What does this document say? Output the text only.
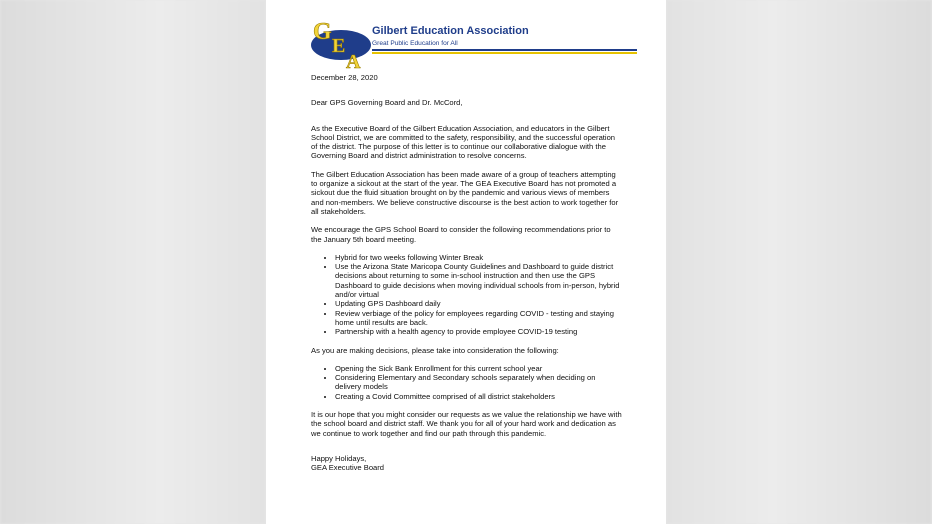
G
E
A
Gilbert Education Association
Great Public Education for All

December 28, 2020

Dear GPS Governing Board and Dr. McCord,

As the Executive Board of the Gilbert Education Association, and educators in the Gilbert School District, we are committed to the safety, responsibility, and the successful operation of the district. The purpose of this letter is to continue our collaborative dialogue with the Governing Board and district administration to resolve concerns.

The Gilbert Education Association has been made aware of a group of teachers attempting to organize a sickout at the start of the year. The GEA Executive Board has not promoted a sickout due the fluid situation brought on by the pandemic and various views of members and non-members. We believe constructive discourse is the best action to work together for all stakeholders.

We encourage the GPS School Board to consider the following recommendations prior to the January 5th board meeting.

• Hybrid for two weeks following Winter Break
• Use the Arizona State Maricopa County Guidelines and Dashboard to guide district decisions about returning to some in-school instruction and then use the GPS Dashboard to guide decisions when moving individual schools from in-person, hybrid and/or virtual
• Updating GPS Dashboard daily
• Review verbiage of the policy for employees regarding COVID - testing and staying home until results are back.
• Partnership with a health agency to provide employee COVID-19 testing

As you are making decisions, please take into consideration the following:

• Opening the Sick Bank Enrollment for this current school year
• Considering Elementary and Secondary schools separately when deciding on delivery models
• Creating a Covid Committee comprised of all district stakeholders

It is our hope that you might consider our requests as we value the relationship we have with the school board and district staff. We thank you for all of your hard work and dedication as we continue to work together and find our path through this pandemic.

Happy Holidays,

GEA Executive Board
